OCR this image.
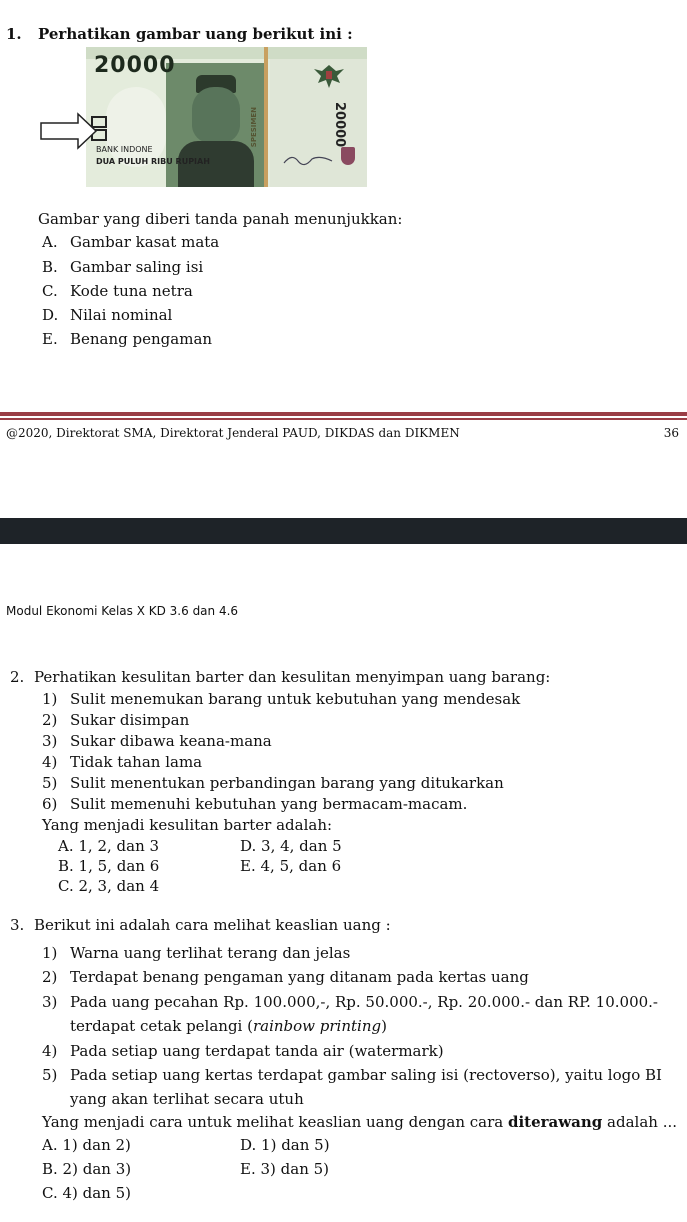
1. Perhatikan gambar uang berikut ini :
20000
BANK INDONE
DUA PULUH RIBU RUPIAH
SPESIMEN	20000
Gambar yang diberi tanda panah menunjukkan:
A. Gambar kasat mata
B. Gambar saling isi
C. Kode tuna netra
D. Nilai nominal
E. Benang pengaman
@2020, Direktorat SMA, Direktorat Jenderal PAUD, DIKDAS dan DIKMEN	36
Modul Ekonomi Kelas X KD 3.6 dan 4.6
2. Perhatikan kesulitan barter dan kesulitan menyimpan uang barang:
1) Sulit menemukan barang untuk kebutuhan yang mendesak
2) Sukar disimpan
3) Sukar dibawa keana-mana
4) Tidak tahan lama
5) Sulit menentukan perbandingan barang yang ditukarkan
6) Sulit memenuhi kebutuhan yang bermacam-macam.
Yang menjadi kesulitan barter adalah:
A. 1, 2, dan 3	D. 3, 4, dan 5
B. 1, 5, dan 6	E. 4, 5, dan 6
C. 2, 3, dan 4
3. Berikut ini adalah cara melihat keaslian uang :
1) Warna uang terlihat terang dan jelas
2) Terdapat benang pengaman yang ditanam pada kertas uang
3) Pada uang pecahan Rp. 100.000,-, Rp. 50.000.-, Rp. 20.000.- dan RP. 10.000.-
terdapat cetak pelangi (rainbow printing)
4) Pada setiap uang terdapat tanda air (watermark)
5) Pada setiap uang kertas terdapat gambar saling isi (rectoverso), yaitu logo BI
yang akan terlihat secara utuh
Yang menjadi cara untuk melihat keaslian uang dengan cara diterawang adalah ...
A. 1) dan 2)	D. 1) dan 5)
B. 2) dan 3)	E. 3) dan 5)
C. 4) dan 5)
